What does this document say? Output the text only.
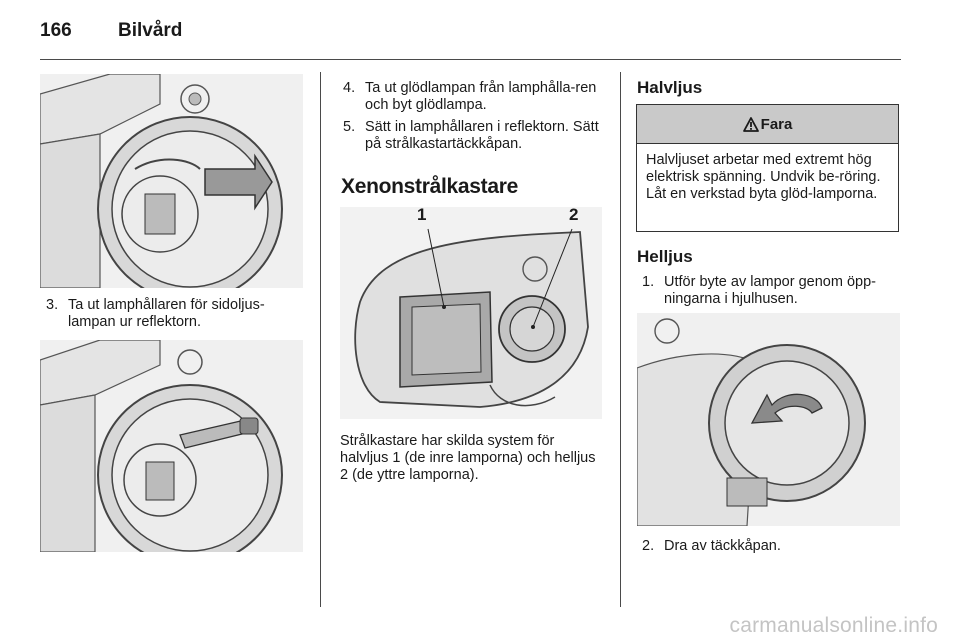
166 Bilvård
3. Ta ut lamphållaren för sidoljus-lampan ur reflektorn.
4. Ta ut glödlampan från lamphålla-ren och byt glödlampa.
5. Sätt in lamphållaren i reflektorn. Sätt på strålkastartäckkåpan.
Xenonstrålkastare
1	2
Strålkastare har skilda system för halvljus 1 (de inre lamporna) och helljus 2 (de yttre lamporna).
Halvljus
Fara
Halvljuset arbetar med extremt hög elektrisk spänning. Undvik be-röring. Låt en verkstad byta glöd-lamporna.
Helljus
1. Utför byte av lampor genom öpp-ningarna i hjulhusen.
2. Dra av täckkåpan.
carmanualsonline.info
